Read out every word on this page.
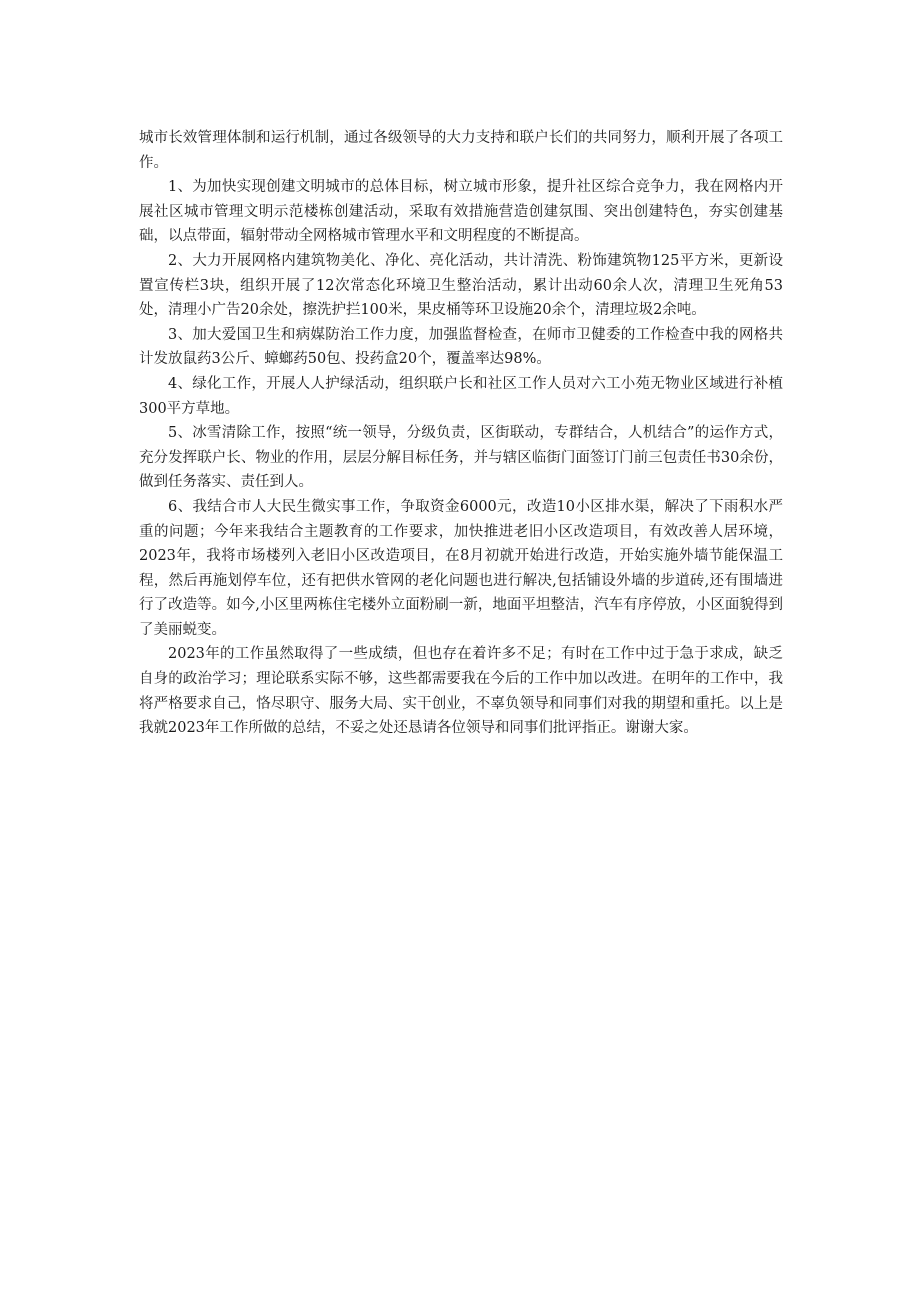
城市长效管理体制和运行机制，通过各级领导的大力支持和联户长们的共同努力，顺利开展了各项工作。

1、为加快实现创建文明城市的总体目标，树立城市形象，提升社区综合竞争力，我在网格内开展社区城市管理文明示范楼栋创建活动，采取有效措施营造创建氛围、突出创建特色，夯实创建基础，以点带面，辐射带动全网格城市管理水平和文明程度的不断提高。

2、大力开展网格内建筑物美化、净化、亮化活动，共计清洗、粉饰建筑物125平方米，更新设置宣传栏3块，组织开展了12次常态化环境卫生整治活动，累计出动60余人次，清理卫生死角53处，清理小广告20余处，擦洗护拦100米，果皮桶等环卫设施20余个，清理垃圾2余吨。

3、加大爱国卫生和病媒防治工作力度，加强监督检查，在师市卫健委的工作检查中我的网格共计发放鼠药3公斤、蟑螂药50包、投药盒20个，覆盖率达98%。

4、绿化工作，开展人人护绿活动，组织联户长和社区工作人员对六工小苑无物业区域进行补植300平方草地。

5、冰雪清除工作，按照“统一领导，分级负责，区街联动，专群结合，人机结合”的运作方式，充分发挥联户长、物业的作用，层层分解目标任务，并与辖区临街门面签订门前三包责任书30余份，做到任务落实、责任到人。

6、我结合市人大民生微实事工作，争取资金6000元，改造10小区排水渠，解决了下雨积水严重的问题；今年来我结合主题教育的工作要求，加快推进老旧小区改造项目，有效改善人居环境，2023年，我将市场楼列入老旧小区改造项目，在8月初就开始进行改造，开始实施外墙节能保温工程，然后再施划停车位，还有把供水管网的老化问题也进行解决,包括铺设外墙的步道砖,还有围墙进行了改造等。如今,小区里两栋住宅楼外立面粉刷一新，地面平坦整洁，汽车有序停放，小区面貌得到了美丽蜕变。

2023年的工作虽然取得了一些成绩，但也存在着许多不足；有时在工作中过于急于求成，缺乏自身的政治学习；理论联系实际不够，这些都需要我在今后的工作中加以改进。在明年的工作中，我将严格要求自己，恪尽职守、服务大局、实干创业，不辜负领导和同事们对我的期望和重托。以上是我就2023年工作所做的总结，不妥之处还恳请各位领导和同事们批评指正。谢谢大家。
